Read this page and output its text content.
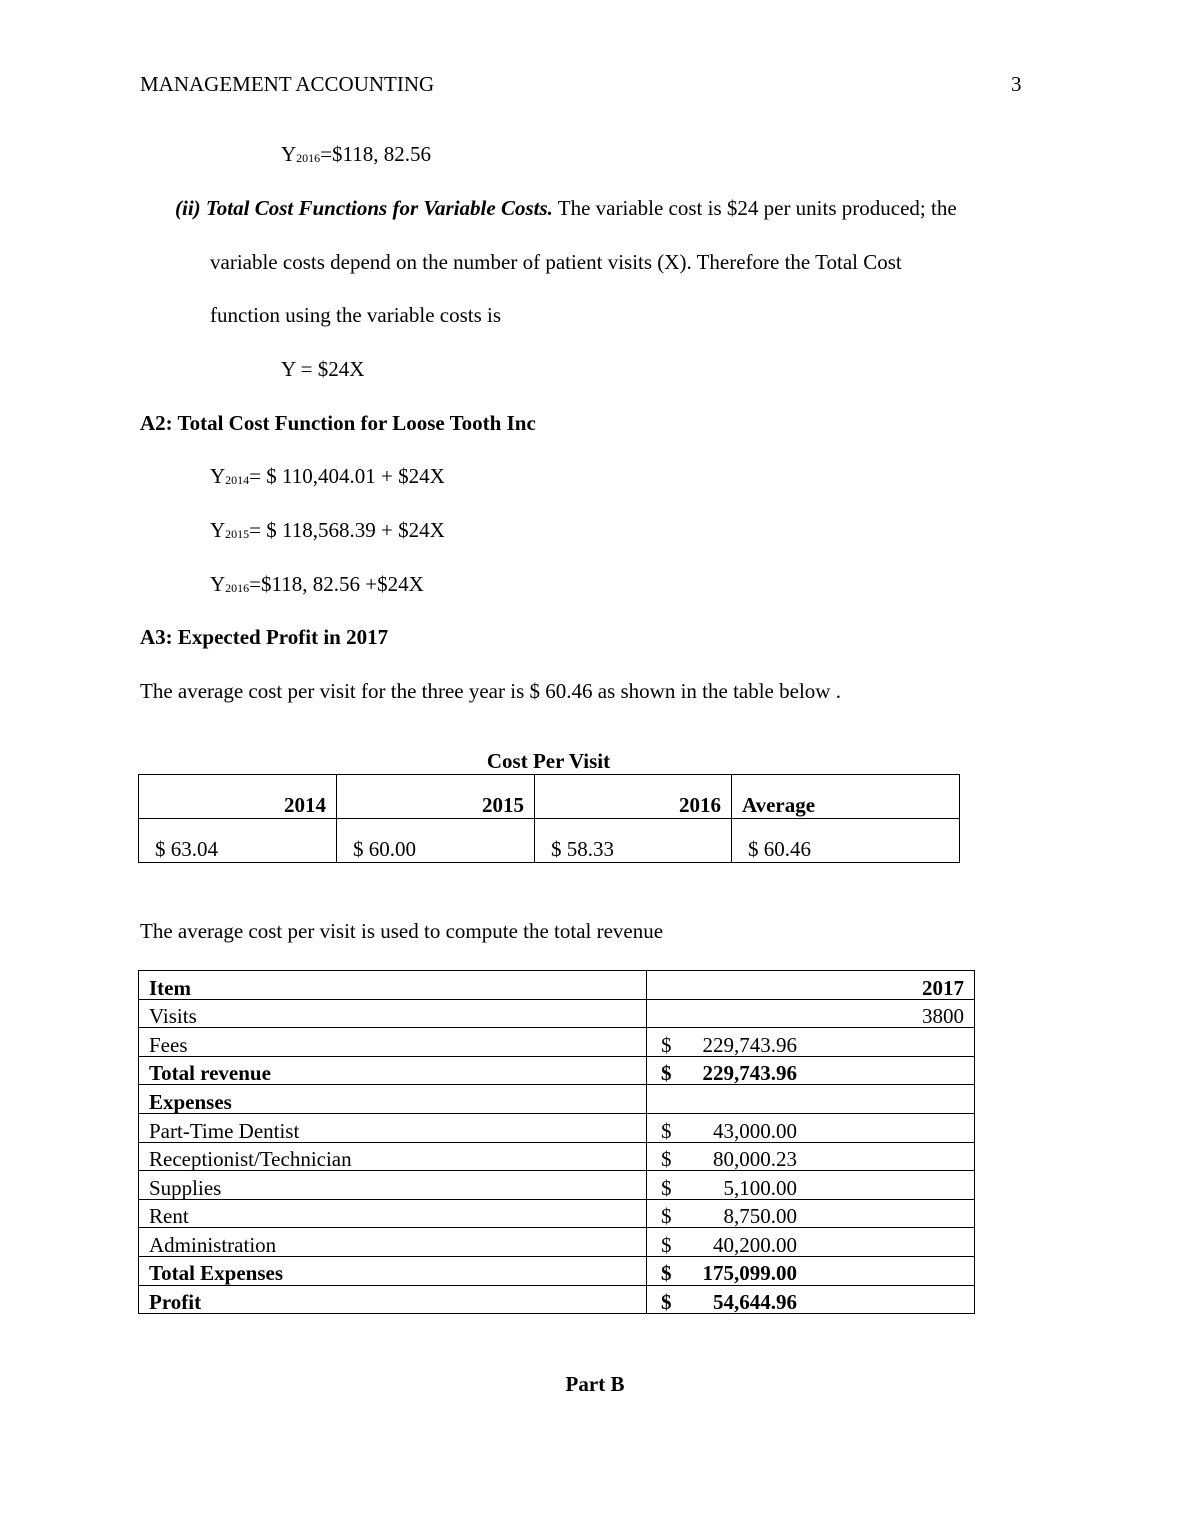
MANAGEMENT ACCOUNTING	3
$Y_{2016}=\$118$, 82.56
(ii) Total Cost Functions for Variable Costs. The variable cost is $24 per units produced; the
variable costs depend on the number of patient visits (X). Therefore the Total Cost
function using the variable costs is
Y = $24X
A2: Total Cost Function for Loose Tooth Inc
$Y_{2014}=$ $ 110,404.01 + $24X
$Y_{2015}=$ $ 118,568.39 + $24X
$Y_{2016}=\$118$, 82.56 +$24X
A3: Expected Profit in 2017
The average cost per visit for the three year is $ 60.46 as shown in the table below .
Cost Per Visit
2014	2015	2016	Average
$ 63.04	$ 60.00	$ 58.33	$ 60.46
The average cost per visit is used to compute the total revenue
Item	2017
Visits	3800
Fees	$ 229,743.96
Total revenue	$ 229,743.96
Expenses	

Part-Time Dentist	$ 43,000.00
Receptionist/Technician	$ 80,000.23
Supplies	$ 5,100.00
Rent	$ 8,750.00
Administration	$ 40,200.00
Total Expenses	$ 175,099.00
Profit	$ 54,644.96
Part B
